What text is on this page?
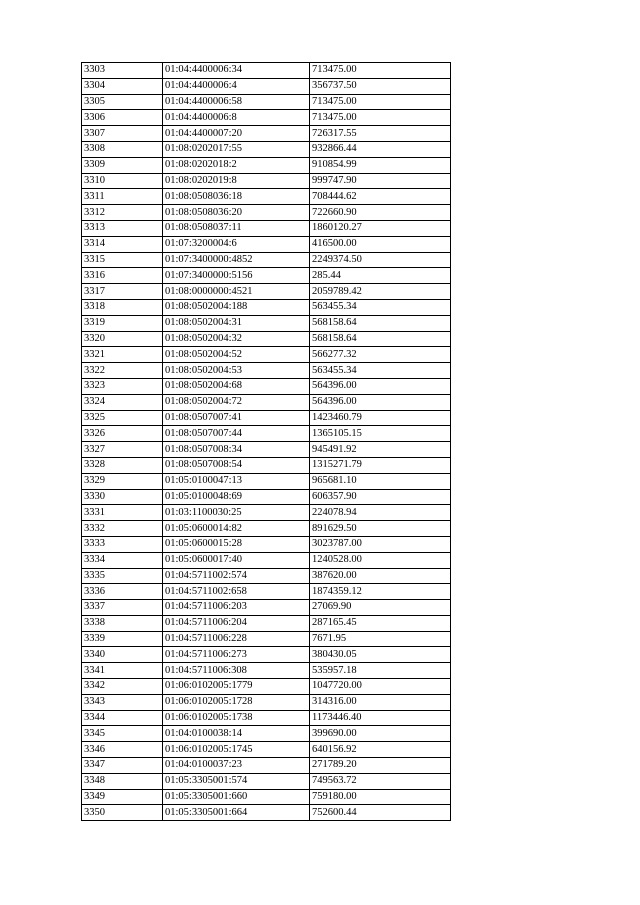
3303	01:04:4400006:34	713475.00
3304	01:04:4400006:4	356737.50
3305	01:04:4400006:58	713475.00
3306	01:04:4400006:8	713475.00
3307	01:04:4400007:20	726317.55
3308	01:08:0202017:55	932866.44
3309	01:08:0202018:2	910854.99
3310	01:08:0202019:8	999747.90
3311	01:08:0508036:18	708444.62
3312	01:08:0508036:20	722660.90
3313	01:08:0508037:11	1860120.27
3314	01:07:3200004:6	416500.00
3315	01:07:3400000:4852	2249374.50
3316	01:07:3400000:5156	285.44
3317	01:08:0000000:4521	2059789.42
3318	01:08:0502004:188	563455.34
3319	01:08:0502004:31	568158.64
3320	01:08:0502004:32	568158.64
3321	01:08:0502004:52	566277.32
3322	01:08:0502004:53	563455.34
3323	01:08:0502004:68	564396.00
3324	01:08:0502004:72	564396.00
3325	01:08:0507007:41	1423460.79
3326	01:08:0507007:44	1365105.15
3327	01:08:0507008:34	945491.92
3328	01:08:0507008:54	1315271.79
3329	01:05:0100047:13	965681.10
3330	01:05:0100048:69	606357.90
3331	01:03:1100030:25	224078.94
3332	01:05:0600014:82	891629.50
3333	01:05:0600015:28	3023787.00
3334	01:05:0600017:40	1240528.00
3335	01:04:5711002:574	387620.00
3336	01:04:5711002:658	1874359.12
3337	01:04:5711006:203	27069.90
3338	01:04:5711006:204	287165.45
3339	01:04:5711006:228	7671.95
3340	01:04:5711006:273	380430.05
3341	01:04:5711006:308	535957.18
3342	01:06:0102005:1779	1047720.00
3343	01:06:0102005:1728	314316.00
3344	01:06:0102005:1738	1173446.40
3345	01:04:0100038:14	399690.00
3346	01:06:0102005:1745	640156.92
3347	01:04:0100037:23	271789.20
3348	01:05:3305001:574	749563.72
3349	01:05:3305001:660	759180.00
3350	01:05:3305001:664	752600.44
